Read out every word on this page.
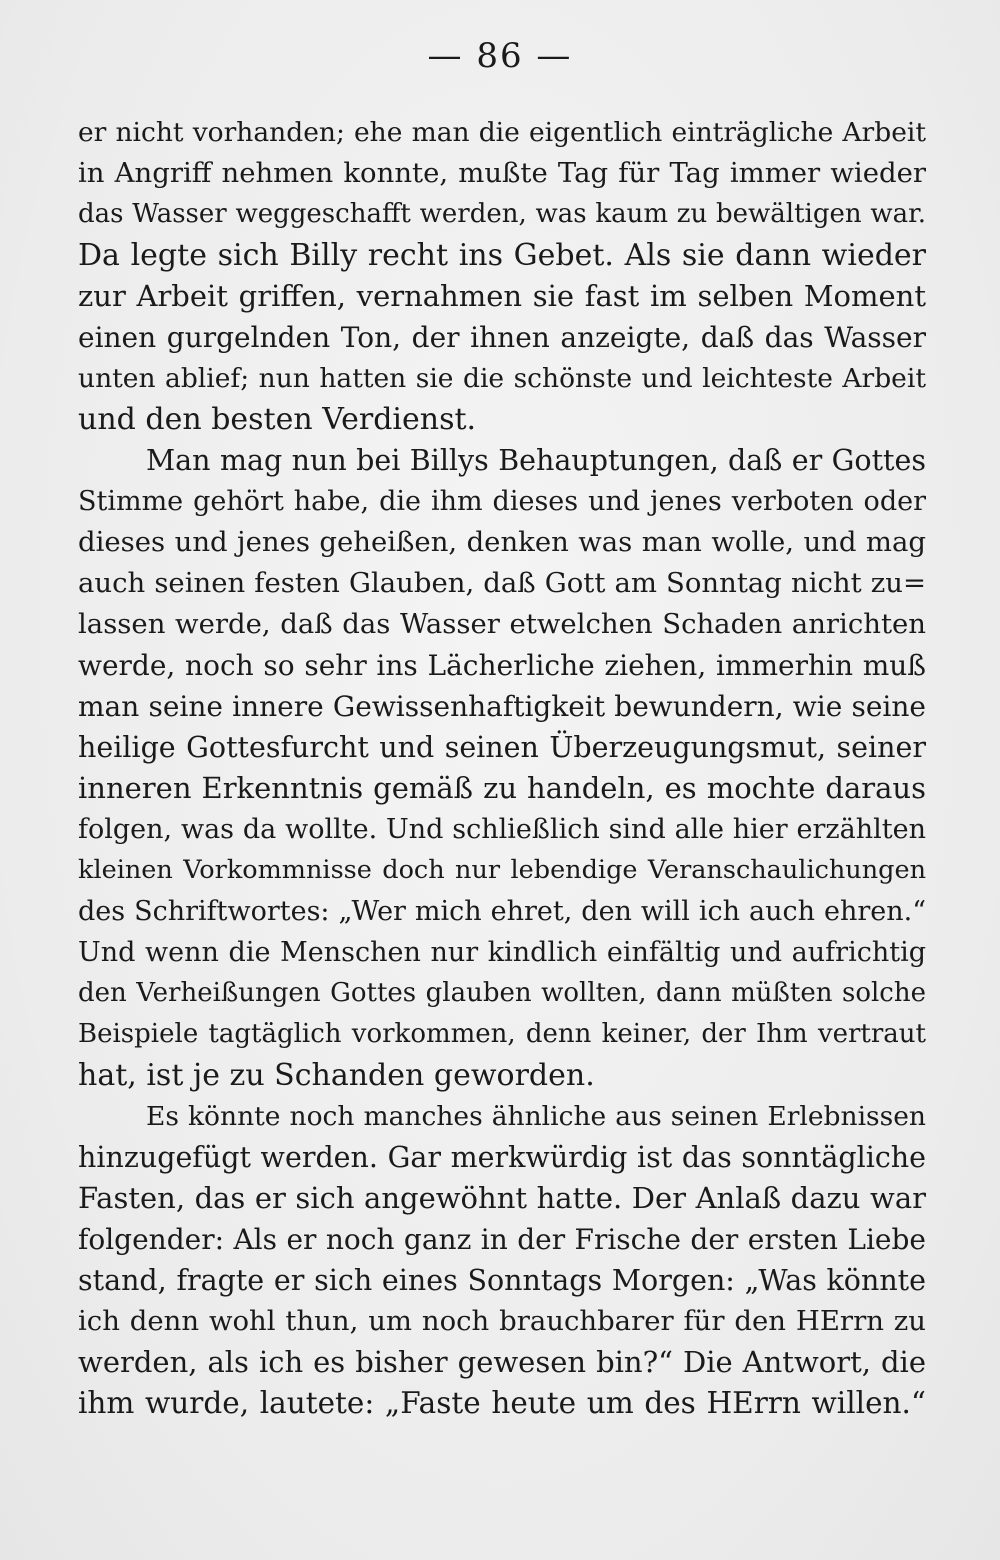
— 86 —
er nicht vorhanden; ehe man die eigentlich einträgliche Arbeit
in Angriff nehmen konnte, mußte Tag für Tag immer wieder
das Wasser weggeschafft werden, was kaum zu bewältigen war.
Da legte sich Billy recht ins Gebet. Als sie dann wieder
zur Arbeit griffen, vernahmen sie fast im selben Moment
einen gurgelnden Ton, der ihnen anzeigte, daß das Wasser
unten ablief; nun hatten sie die schönste und leichteste Arbeit
und den besten Verdienst.
Man mag nun bei Billys Behauptungen, daß er Gottes
Stimme gehört habe, die ihm dieses und jenes verboten oder
dieses und jenes geheißen, denken was man wolle, und mag
auch seinen festen Glauben, daß Gott am Sonntag nicht zu=
lassen werde, daß das Wasser etwelchen Schaden anrichten
werde, noch so sehr ins Lächerliche ziehen, immerhin muß
man seine innere Gewissenhaftigkeit bewundern, wie seine
heilige Gottesfurcht und seinen Überzeugungsmut, seiner
inneren Erkenntnis gemäß zu handeln, es mochte daraus
folgen, was da wollte. Und schließlich sind alle hier erzählten
kleinen Vorkommnisse doch nur lebendige Veranschaulichungen
des Schriftwortes: „Wer mich ehret, den will ich auch ehren.“
Und wenn die Menschen nur kindlich einfältig und aufrichtig
den Verheißungen Gottes glauben wollten, dann müßten solche
Beispiele tagtäglich vorkommen, denn keiner, der Ihm vertraut
hat, ist je zu Schanden geworden.
Es könnte noch manches ähnliche aus seinen Erlebnissen
hinzugefügt werden. Gar merkwürdig ist das sonntägliche
Fasten, das er sich angewöhnt hatte. Der Anlaß dazu war
folgender: Als er noch ganz in der Frische der ersten Liebe
stand, fragte er sich eines Sonntags Morgen: „Was könnte
ich denn wohl thun, um noch brauchbarer für den HErrn zu
werden, als ich es bisher gewesen bin?“ Die Antwort, die
ihm wurde, lautete: „Faste heute um des HErrn willen.“
